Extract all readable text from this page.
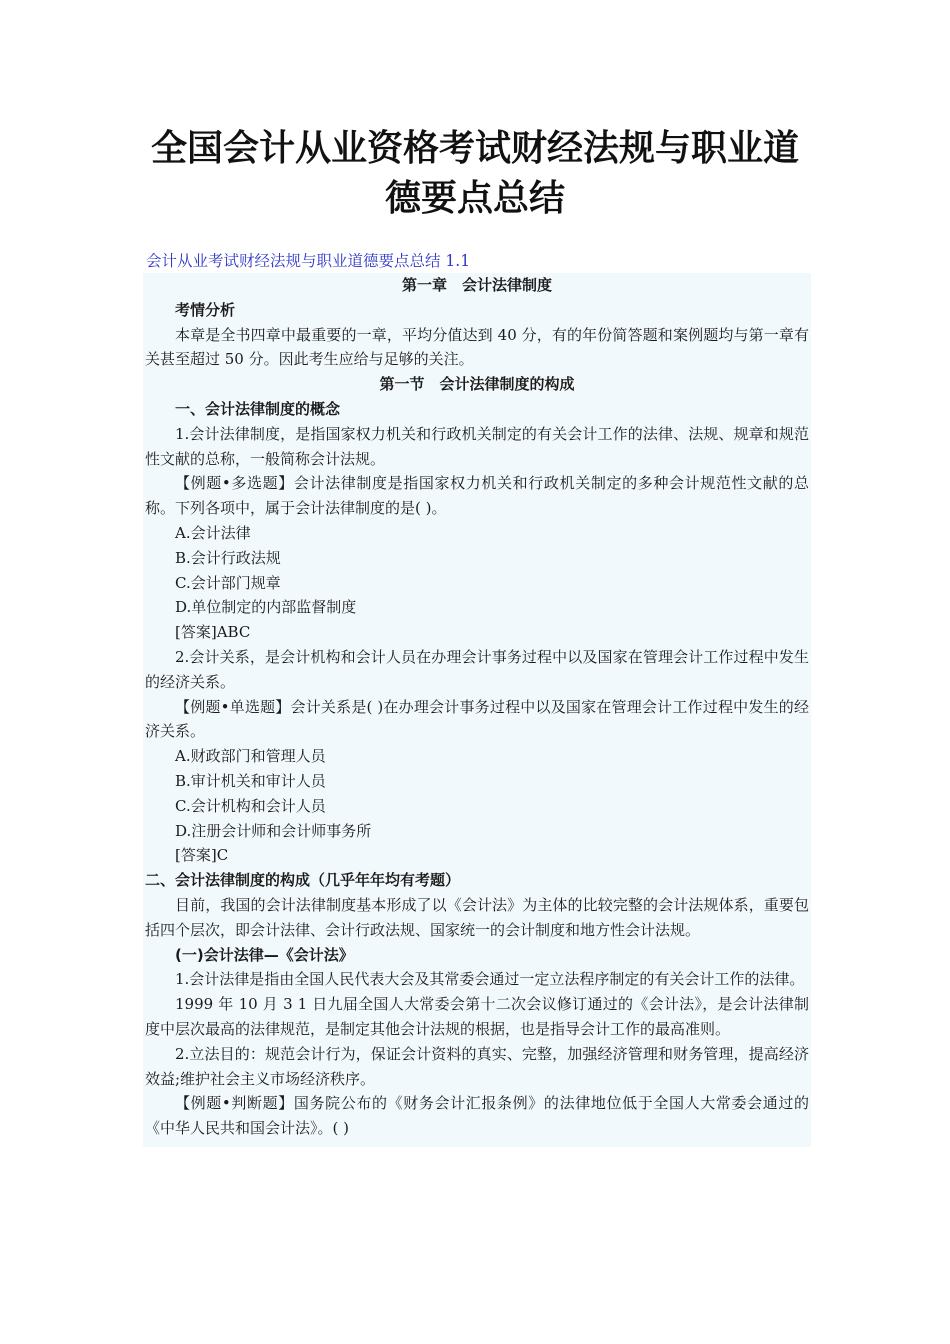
全国会计从业资格考试财经法规与职业道
德要点总结
会计从业考试财经法规与职业道德要点总结 1.1

第一章　会计法律制度

考情分析

本章是全书四章中最重要的一章，平均分值达到 40 分，有的年份简答题和案例题均与第一章有关甚至超过 50 分。因此考生应给与足够的关注。

第一节　会计法律制度的构成

一、会计法律制度的概念

1.会计法律制度，是指国家权力机关和行政机关制定的有关会计工作的法律、法规、规章和规范性文献的总称，一般简称会计法规。

【例题•多选题】会计法律制度是指国家权力机关和行政机关制定的多种会计规范性文献的总称。下列各项中，属于会计法律制度的是( )。

A.会计法律

B.会计行政法规

C.会计部门规章

D.单位制定的内部监督制度

[答案]ABC

2.会计关系，是会计机构和会计人员在办理会计事务过程中以及国家在管理会计工作过程中发生的经济关系。

【例题•单选题】会计关系是( )在办理会计事务过程中以及国家在管理会计工作过程中发生的经济关系。

A.财政部门和管理人员

B.审计机关和审计人员

C.会计机构和会计人员

D.注册会计师和会计师事务所

[答案]C

二、会计法律制度的构成（几乎年年均有考题）

目前，我国的会计法律制度基本形成了以《会计法》为主体的比较完整的会计法规体系，重要包括四个层次，即会计法律、会计行政法规、国家统一的会计制度和地方性会计法规。

(一)会计法律—《会计法》

1.会计法律是指由全国人民代表大会及其常委会通过一定立法程序制定的有关会计工作的法律。

1999 年 10 月 3 1 日九届全国人大常委会第十二次会议修订通过的《会计法》，是会计法律制度中层次最高的法律规范，是制定其他会计法规的根据，也是指导会计工作的最高准则。

2.立法目的：规范会计行为，保证会计资料的真实、完整，加强经济管理和财务管理，提高经济效益;维护社会主义市场经济秩序。

【例题•判断题】国务院公布的《财务会计汇报条例》的法律地位低于全国人大常委会通过的《中华人民共和国会计法》。( )
